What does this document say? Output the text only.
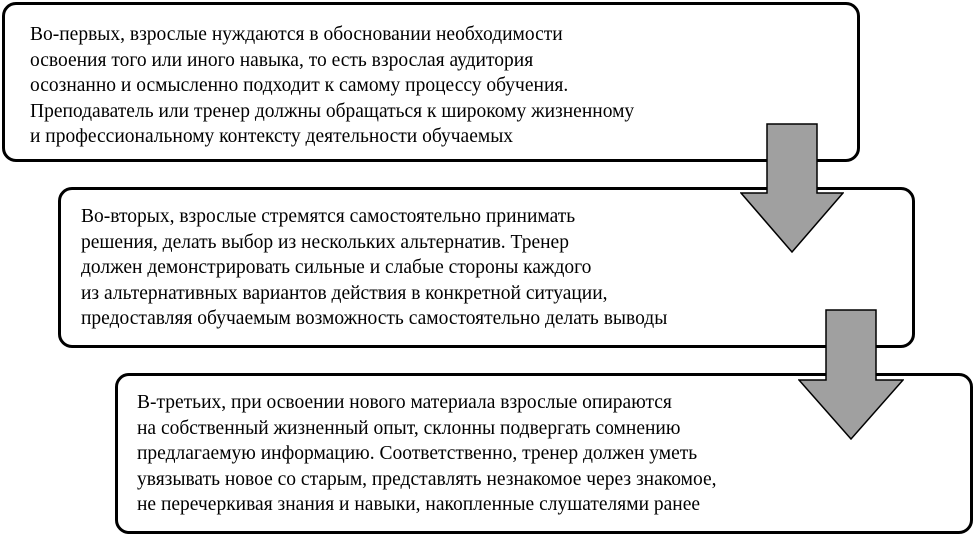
Во-первых, взрослые нуждаются в обосновании необходимости
освоения того или иного навыка, то есть взрослая аудитория
осознанно и осмысленно подходит к самому процессу обучения.
Преподаватель или тренер должны обращаться к широкому жизненному
и профессиональному контексту деятельности обучаемых

Во-вторых, взрослые стремятся самостоятельно принимать
решения, делать выбор из нескольких альтернатив. Тренер
должен демонстрировать сильные и слабые стороны каждого
из альтернативных вариантов действия в конкретной ситуации,
предоставляя обучаемым возможность самостоятельно делать выводы

В-третьих, при освоении нового материала взрослые опираются
на собственный жизненный опыт, склонны подвергать сомнению
предлагаемую информацию. Соответственно, тренер должен уметь
увязывать новое со старым, представлять незнакомое через знакомое,
не перечеркивая знания и навыки, накопленные слушателями ранее
